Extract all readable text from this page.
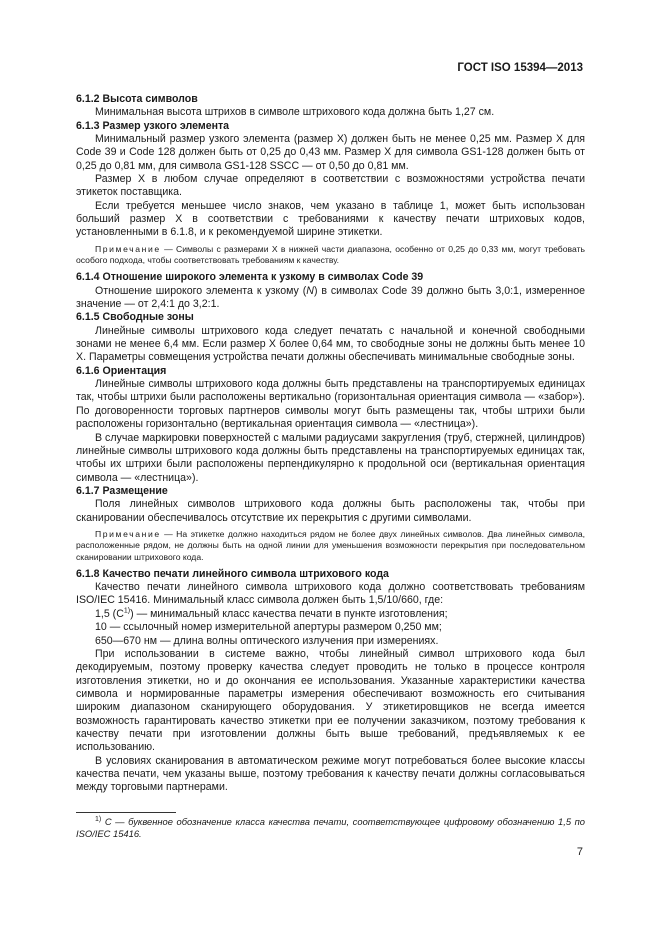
ГОСТ ISO 15394—2013

6.1.2 Высота символов

Минимальная высота штрихов в символе штрихового кода должна быть 1,27 см.

6.1.3 Размер узкого элемента

Минимальный размер узкого элемента (размер X) должен быть не менее 0,25 мм. Размер X для Code 39 и Code 128 должен быть от 0,25 до 0,43 мм. Размер X для символа GS1-128 должен быть от 0,25 до 0,81 мм, для символа GS1-128 SSCC — от 0,50 до 0,81 мм.

Размер X в любом случае определяют в соответствии с возможностями устройства печати этикеток поставщика.

Если требуется меньшее число знаков, чем указано в таблице 1, может быть использован больший размер X в соответствии с требованиями к качеству печати штриховых кодов, установленными в 6.1.8, и к рекомендуемой ширине этикетки.

Примечание — Символы с размерами X в нижней части диапазона, особенно от 0,25 до 0,33 мм, могут требовать особого подхода, чтобы соответствовать требованиям к качеству.

6.1.4 Отношение широкого элемента к узкому в символах Code 39

Отношение широкого элемента к узкому (N) в символах Code 39 должно быть 3,0:1, измеренное значение — от 2,4:1 до 3,2:1.

6.1.5 Свободные зоны

Линейные символы штрихового кода следует печатать с начальной и конечной свободными зонами не менее 6,4 мм. Если размер X более 0,64 мм, то свободные зоны не должны быть менее 10 X. Параметры совмещения устройства печати должны обеспечивать минимальные свободные зоны.

6.1.6 Ориентация

Линейные символы штрихового кода должны быть представлены на транспортируемых единицах так, чтобы штрихи были расположены вертикально (горизонтальная ориентация символа — «забор»). По договоренности торговых партнеров символы могут быть размещены так, чтобы штрихи были расположены горизонтально (вертикальная ориентация символа — «лестница»).

В случае маркировки поверхностей с малыми радиусами закругления (труб, стержней, цилиндров) линейные символы штрихового кода должны быть представлены на транспортируемых единицах так, чтобы их штрихи были расположены перпендикулярно к продольной оси (вертикальная ориентация символа — «лестница»).

6.1.7 Размещение

Поля линейных символов штрихового кода должны быть расположены так, чтобы при сканировании обеспечивалось отсутствие их перекрытия с другими символами.

Примечание — На этикетке должно находиться рядом не более двух линейных символов. Два линейных символа, расположенные рядом, не должны быть на одной линии для уменьшения возможности перекрытия при последовательном сканировании штрихового кода.

6.1.8 Качество печати линейного символа штрихового кода

Качество печати линейного символа штрихового кода должно соответствовать требованиям ISO/IEC 15416. Минимальный класс символа должен быть 1,5/10/660, где:

1,5 $(C^{1)})$ — минимальный класс качества печати в пункте изготовления;

10 — ссылочный номер измерительной апертуры размером 0,250 мм;

650—670 нм — длина волны оптического излучения при измерениях.

При использовании в системе важно, чтобы линейный символ штрихового кода был декодируемым, поэтому проверку качества следует проводить не только в процессе контроля изготовления этикетки, но и до окончания ее использования. Указанные характеристики качества символа и нормированные параметры измерения обеспечивают возможность его считывания широким диапазоном сканирующего оборудования. У этикетировщиков не всегда имеется возможность гарантировать качество этикетки при ее получении заказчиком, поэтому требования к качеству печати при изготовлении должны быть выше требований, предъявляемых к ее использованию.

В условиях сканирования в автоматическом режиме могут потребоваться более высокие классы качества печати, чем указаны выше, поэтому требования к качеству печати должны согласовываться между торговыми партнерами.

$^{1)}$ C — буквенное обозначение класса качества печати, соответствующее цифровому обозначению 1,5 по ISO/IEC 15416.
7
